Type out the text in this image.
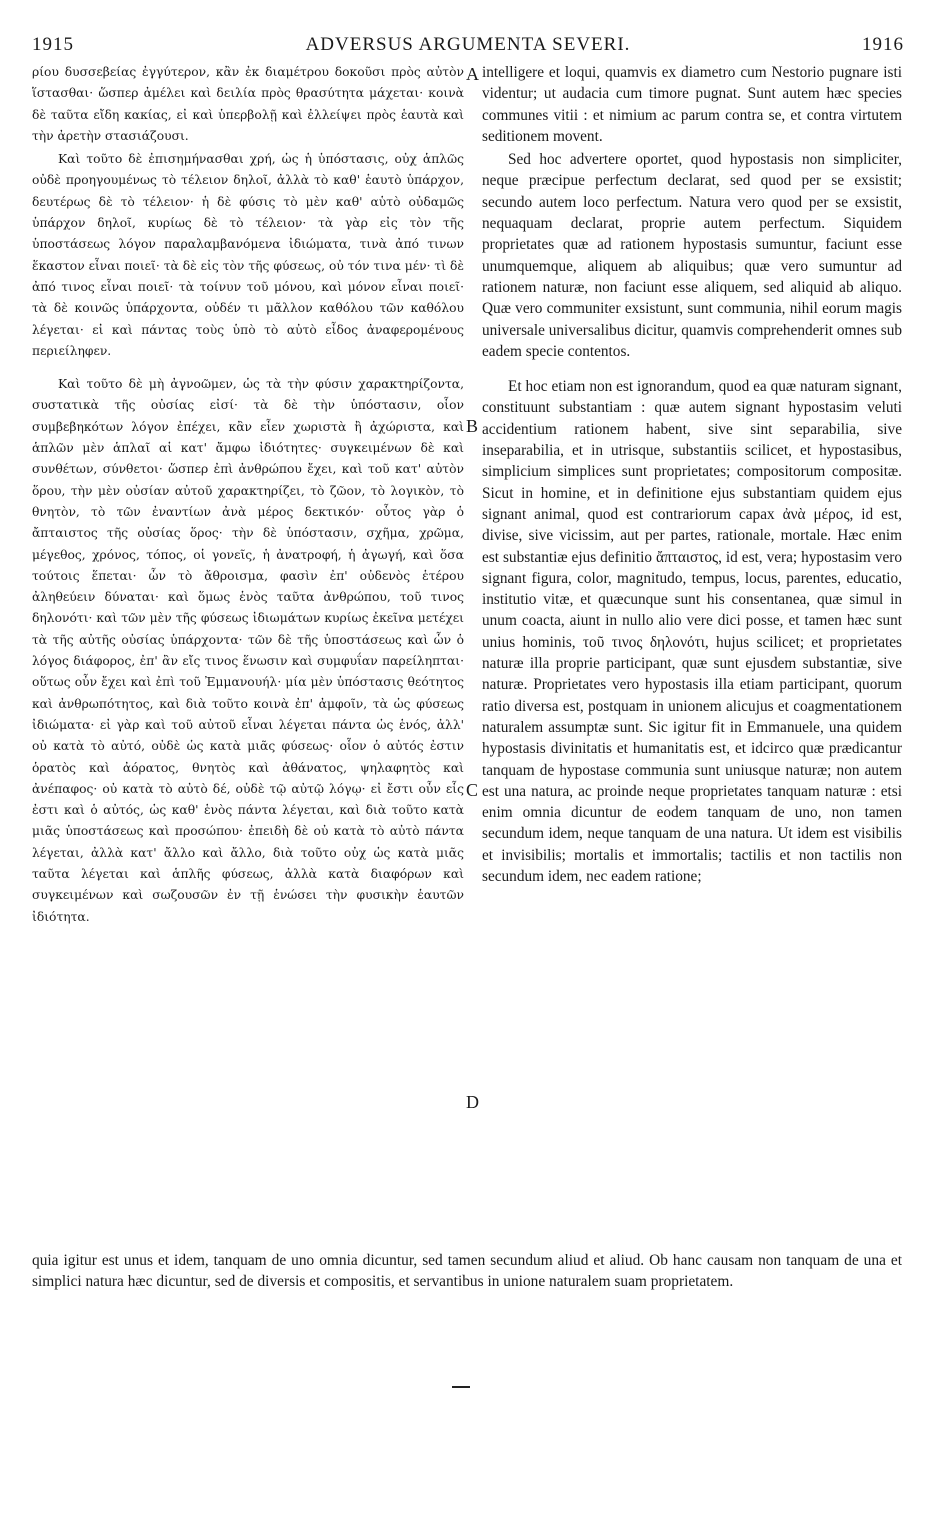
1915	ADVERSUS ARGUMENTA SEVERI.	1916

ρίου δυσσεβείας ἐγγύτερον, κἂν ἐκ διαμέτρου δοκοῦσι πρὸς αὐτὸν ἵστασθαι· ὥσπερ ἀμέλει καὶ δειλία πρὸς θρασύτητα μάχεται· κοινὰ δὲ ταῦτα εἴδη κακίας, εἰ καὶ ὑπερβολῇ καὶ ἐλλείψει πρὸς ἑαυτὰ καὶ τὴν ἀρετὴν στασιάζουσι.

Καὶ τοῦτο δὲ ἐπισημήνασθαι χρή, ὡς ἡ ὑπόστασις, οὐχ ἁπλῶς οὐδὲ προηγουμένως τὸ τέλειον δηλοῖ, ἀλλὰ τὸ καθ' ἑαυτὸ ὑπάρχον, δευτέρως δὲ τὸ τέλειον· ἡ δὲ φύσις τὸ μὲν καθ' αὑτὸ οὐδαμῶς ὑπάρχον δηλοῖ, κυρίως δὲ τὸ τέλειον· τὰ γὰρ εἰς τὸν τῆς ὑποστάσεως λόγον παραλαμβανόμενα ἰδιώματα, τινὰ ἀπό τινων ἕκαστον εἶναι ποιεῖ· τὰ δὲ εἰς τὸν τῆς φύσεως, οὐ τόν τινα μέν· τὶ δὲ ἀπό τινος εἶναι ποιεῖ· τὰ τοίνυν τοῦ μόνου, καὶ μόνον εἶναι ποιεῖ· τὰ δὲ κοινῶς ὑπάρχοντα, οὐδέν τι μᾶλλον καθόλου τῶν καθόλου λέγεται· εἰ καὶ πάντας τοὺς ὑπὸ τὸ αὐτὸ εἶδος ἀναφερομένους περιείληφεν.

Καὶ τοῦτο δὲ μὴ ἀγνοῶμεν, ὡς τὰ τὴν φύσιν χαρακτηρίζοντα, συστατικὰ τῆς οὐσίας εἰσί· τὰ δὲ τὴν ὑπόστασιν, οἷον συμβεβηκότων λόγον ἐπέχει, κἂν εἶεν χωριστὰ ἢ ἀχώριστα, καὶ ἁπλῶν μὲν ἁπλαῖ αἱ κατ' ἄμφω ἰδιότητες· συγκειμένων δὲ καὶ συνθέτων, σύνθετοι· ὥσπερ ἐπὶ ἀνθρώπου ἔχει, καὶ τοῦ κατ' αὐτὸν ὅρου, τὴν μὲν οὐσίαν αὐτοῦ χαρακτηρίζει, τὸ ζῶον, τὸ λογικὸν, τὸ θνητὸν, τὸ τῶν ἐναντίων ἀνὰ μέρος δεκτικόν· οὗτος γὰρ ὁ ἄπταιστος τῆς οὐσίας ὅρος· τὴν δὲ ὑπόστασιν, σχῆμα, χρῶμα, μέγεθος, χρόνος, τόπος, οἱ γονεῖς, ἡ ἀνατροφή, ἡ ἀγωγή, καὶ ὅσα τούτοις ἕπεται· ὧν τὸ ἄθροισμα, φασὶν ἐπ' οὐδενὸς ἑτέρου ἀληθεύειν δύναται· καὶ ὅμως ἑνὸς ταῦτα ἀνθρώπου, τοῦ τινος δηλονότι· καὶ τῶν μὲν τῆς φύσεως ἰδιωμάτων κυρίως ἐκεῖνα μετέχει τὰ τῆς αὐτῆς οὐσίας ὑπάρχοντα· τῶν δὲ τῆς ὑποστάσεως καὶ ὧν ὁ λόγος διάφορος, ἐπ' ἂν εἴς τινος ἕνωσιν καὶ συμφυΐαν παρείληπται· οὕτως οὖν ἔχει καὶ ἐπὶ τοῦ Ἐμμανουήλ· μία μὲν ὑπόστασις θεότητος καὶ ἀνθρωπότητος, καὶ διὰ τοῦτο κοινὰ ἐπ' ἀμφοῖν, τὰ ὡς φύσεως ἰδιώματα· εἰ γὰρ καὶ τοῦ αὐτοῦ εἶναι λέγεται πάντα ὡς ἑνός, ἀλλ' οὐ κατὰ τὸ αὐτό, οὐδὲ ὡς κατὰ μιᾶς φύσεως· οἷον ὁ αὐτός ἐστιν ὁρατὸς καὶ ἀόρατος, θνητὸς καὶ ἀθάνατος, ψηλαφητὸς καὶ ἀνέπαφος· οὐ κατὰ τὸ αὐτὸ δέ, οὐδὲ τῷ αὐτῷ λόγῳ· εἰ ἔστι οὖν εἷς ἐστι καὶ ὁ αὐτός, ὡς καθ' ἑνὸς πάντα λέγεται, καὶ διὰ τοῦτο κατὰ μιᾶς ὑποστάσεως καὶ προσώπου· ἐπειδὴ δὲ οὐ κατὰ τὸ αὐτὸ πάντα λέγεται, ἀλλὰ κατ' ἄλλο καὶ ἄλλο, διὰ τοῦτο οὐχ ὡς κατὰ μιᾶς ταῦτα λέγεται καὶ ἁπλῆς φύσεως, ἀλλὰ κατὰ διαφόρων καὶ συγκειμένων καὶ σωζουσῶν ἐν τῇ ἑνώσει τὴν φυσικὴν ἑαυτῶν ἰδιότητα.

intelligere et loqui, quamvis ex diametro cum Nestorio pugnare isti videntur; ut audacia cum timore pugnat. Sunt autem hæc species communes vitii : et nimium ac parum contra se, et contra virtutem seditionem movent.

Sed hoc advertere oportet, quod hypostasis non simpliciter, neque præcipue perfectum declarat, sed quod per se exsistit; secundo autem loco perfectum. Natura vero quod per se exsistit, nequaquam declarat, proprie autem perfectum. Siquidem proprietates quæ ad rationem hypostasis sumuntur, faciunt esse unumquemque, aliquem ab aliquibus; quæ vero sumuntur ad rationem naturæ, non faciunt esse aliquem, sed aliquid ab aliquo. Quæ vero communiter exsistunt, sunt communia, nihil eorum magis universale universalibus dicitur, quamvis comprehenderit omnes sub eadem specie contentos.

Et hoc etiam non est ignorandum, quod ea quæ naturam signant, constituunt substantiam : quæ autem signant hypostasim veluti accidentium rationem habent, sive sint separabilia, sive inseparabilia, et in utrisque, substantiis scilicet, et hypostasibus, simplicium simplices sunt proprietates; compositorum compositæ. Sicut in homine, et in definitione ejus substantiam quidem ejus signant animal, quod est contrariorum capax ἀνὰ μέρος, id est, divise, sive vicissim, aut per partes, rationale, mortale. Hæc enim est substantiæ ejus definitio ἄπταιστος, id est, vera; hypostasim vero signant figura, color, magnitudo, tempus, locus, parentes, educatio, institutio vitæ, et quæcunque sunt his consentanea, quæ simul in unum coacta, aiunt in nullo alio vere dici posse, et tamen hæc sunt unius hominis, τοῦ τινος δηλονότι, hujus scilicet; et proprietates naturæ illa proprie participant, quæ sunt ejusdem substantiæ, sive naturæ. Proprietates vero hypostasis illa etiam participant, quorum ratio diversa est, postquam in unionem alicujus et coagmentationem naturalem assumptæ sunt. Sic igitur fit in Emmanuele, una quidem hypostasis divinitatis et humanitatis est, et idcirco quæ prædicantur tanquam de hypostase communia sunt uniusque naturæ; non autem est una natura, ac proinde neque proprietates tanquam naturæ : etsi enim omnia dicuntur de eodem tanquam de uno, non tamen secundum idem, neque tanquam de una natura. Ut idem est visibilis et invisibilis; mortalis et immortalis; tactilis et non tactilis non secundum idem, nec eadem ratione;

A
B
C
D

quia igitur est unus et idem, tanquam de uno omnia dicuntur, sed tamen secundum aliud et aliud. Ob hanc causam non tanquam de una et simplici natura hæc dicuntur, sed de diversis et compositis, et servantibus in unione naturalem suam proprietatem.
